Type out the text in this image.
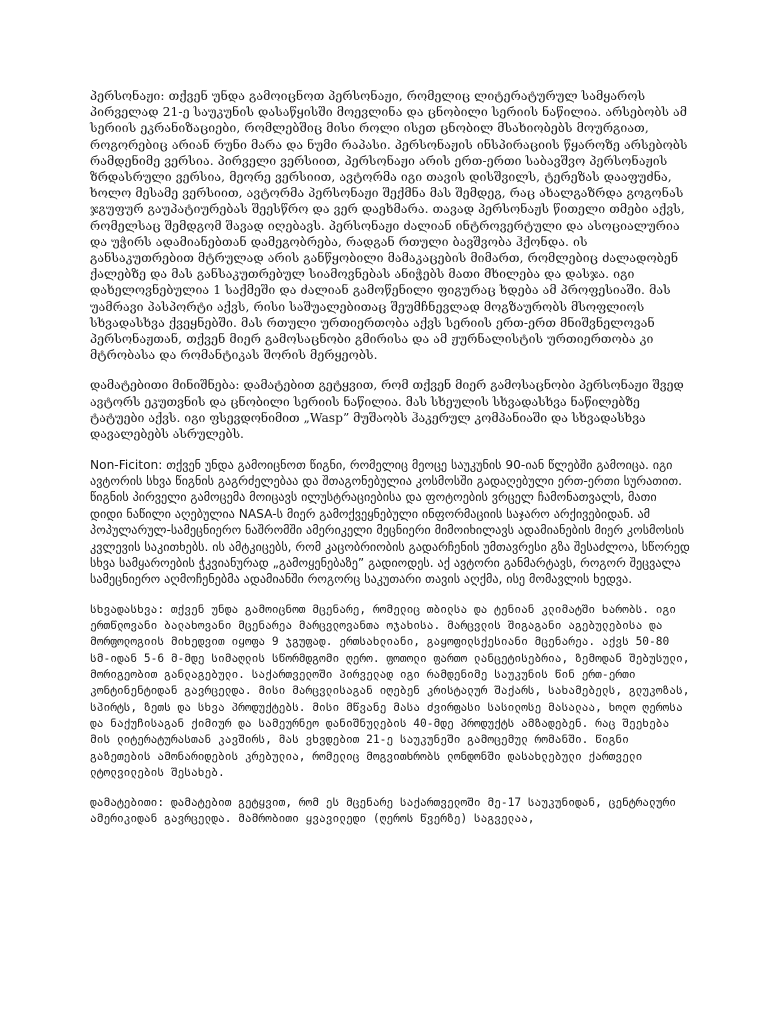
პერსონაჟი: თქვენ უნდა გამოიცნოთ პერსონაჟი, რომელიც ლიტერატურულ სამყაროს პირველად 21-ე საუკუნის დასაწყისში მოევლინა და ცნობილი სერიის ნაწილია. არსებობს ამ სერიის ეკრანიზაციები, რომლებშიც მისი როლი ისეთ ცნობილ მსახიობებს მოურგიათ, როგორებიც არიან რუნი მარა და ნუმი რაპასი. პერსონაჟის ინსპირაციის წყაროზე არსებობს რამდენიმე ვერსია. პირველი ვერსიით, პერსონაჟი არის ერთ-ერთი საბავშვო პერსონაჟის ზრდასრული ვერსია, მეორე ვერსიით, ავტორმა იგი თავის დისშვილს, ტერეზას დააფუძნა, ხოლო მესამე ვერსიით, ავტორმა პერსონაჟი შექმნა მას შემდეგ, რაც ახალგაზრდა გოგონას ჯგუფურ გაუპატიურებას შეესწრო და ვერ დაეხმარა. თავად პერსონაჟს წითელი თმები აქვს, რომელსაც შემდგომ შავად იღებავს. პერსონაჟი ძალიან ინტროვერტული და ასოციალურია და უჭირს ადამიანებთან დამეგობრება, რადგან რთული ბავშვობა ჰქონდა. ის განსაკუთრებით მტრულად არის განწყობილი მამაკაცების მიმართ, რომლებიც ძალადობენ ქალებზე და მას განსაკუთრებულ სიამოვნებას ანიჭებს მათი მხილება და დასჯა. იგი დახელოვნებულია 1 საქმეში და ძალიან გამოწენილი ფიგურაც ხდება ამ პროფესიაში. მას უამრავი პასპორტი აქვს, რისი საშუალებითაც შეუმჩნევლად მოგზაურობს მსოფლიოს სხვადასხვა ქვეყნებში. მას რთული ურთიერთობა აქვს სერიის ერთ-ერთ მნიშვნელოვან პერსონაჟთან, თქვენ მიერ გამოსაცნობი გმირისა და ამ ჟურნალისტის ურთიერთობა კი მტრობასა და რომანტიკას შორის მერყეობს.

დამატებითი მინიშნება: დამატებით გეტყვით, რომ თქვენ მიერ გამოსაცნობი პერსონაჟი შვედ ავტორს ეკუთვნის და ცნობილი სერიის ნაწილია. მას სხეულის სხვადასხვა ნაწილებზე ტატუები აქვს. იგი ფსევდონიმით „Wasp” მუშაობს ჰაკერულ კომპანიაში და სხვადასხვა დავალებებს ასრულებს.

Non-Ficiton: თქვენ უნდა გამოიცნოთ წიგნი, რომელიც მეოცე საუკუნის 90-იან წლებში გამოიცა. იგი ავტორის სხვა წიგნის გაგრძელებაა და შთაგონებულია კოსმოსში გადაღებული ერთ-ერთი სურათით. წიგნის პირველი გამოცემა მოიცავს ილუსტრაციებისა და ფოტოების ვრცელ ჩამონათვალს, მათი დიდი ნაწილი აღებულია NASA-ს მიერ გამოქვეყნებული ინფორმაციის საჯარო არქივებიდან. ამ პოპულარულ-სამეცნიერო ნაშრომში ამერიკელი მეცნიერი მიმოიხილავს ადამიანების მიერ კოსმოსის კვლევის საკითხებს. ის ამტკიცებს, რომ კაცობრიობის გადარჩენის უმთავრესი გზა შესაძლოა, სწორედ სხვა სამყაროების ჭკვიანურად „გამოყენებაზე” გადიოდეს. აქ ავტორი განმარტავს, როგორ შეცვალა სამეცნიერო აღმოჩენებმა ადამიანში როგორც საკუთარი თავის აღქმა, ისე მომავლის ხედვა.

სხვადასხვა: თქვენ უნდა გამოიცნოთ მცენარე, რომელიც თბილსა და ტენიან კლიმატში ხარობს. იგი ერთწლოვანი ბალახოვანი მცენარეა მარცვლოვანთა ოჯახისა. მარცვლის შიგაგანი აგებულებისა და მორფოლოგიის მიხედვით იყოფა 9 ჯგუფად. ერთსახლიანი, გაყოფილსქესიანი მცენარეა. აქვს 50-80 სმ-იდან 5-6 მ-მდე სიმაღლის სწორმდგომი ღერო. ფოთოლი ფართო ლანცეტისებრია, ზემოდან შებუსული, მორიგეობით განლაგებული. საქართველოში პირველად იგი რამდენიმე საუკუნის წინ ერთ-ერთი კონტინენტიდან გავრცელდა. მისი მარცვლისაგან იღებენ კრისტალურ შაქარს, სახამებელს, გლუკოზას, სპირტს, ზეთს და სხვა პროდუქტებს. მისი მწვანე მასა ძვირფასი სასილოსე მასალაა, ხოლო ღეროსა და ნაქუჩისაგან ქიმიურ და სამეურნეო დანიშნულების 40-მდე პროდუქტს ამზადებენ. რაც შეეხება მის ლიტერატურასთან კავშირს, მას ვხვდებით 21-ე საუკუნეში გამოცემულ რომანში. წიგნი გაზეთების ამონარიდების კრებულია, რომელიც მოგვითხრობს ლონდონში დასახლებული ქართველი ლტოლვილების შესახებ.

დამატებითი: დამატებით გეტყვით, რომ ეს მცენარე საქართველოში მე-17 საუკუნიდან, ცენტრალური ამერიკიდან გავრცელდა. მამრობითი ყვავილედი (ღეროს წვერზე) საგველაა,
